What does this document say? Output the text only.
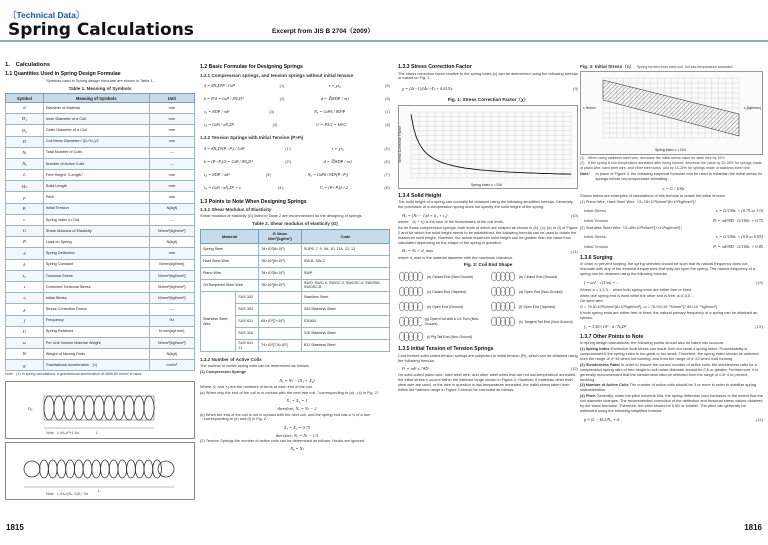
〔Technical Data〕
Spring Calculations	Excerpt from JIS B 2704（2009）
1.　Calculations
1.1 Quantities Used in Spring Design Formulae
Symbols used in Spring design formulae are shown in Table 1.
Table 1. Meaning of Symbols
Symbol	Meaning of Symbols	Unit
d	Diameter of Material	mm
D₁	Inner Diameter of a Coil	mm
D₂	Outer Diameter of a Coil	mm
D	Coil Mean Diameter= (D₁+D₂)/2	mm
Nₜ	Total Number of Coils	—
Nₐ	Number of Active Coils	—
L	Free Height（Length）	mm
Hₛ	Solid Length	mm
p	Pitch	mm
Pᵢ	Initial Tension	N{kgf}
c	Spring Index c= D/d	—
G	Shear Modulus of Elasticity	N/mm²{kgf/mm²}
P	Load on Spring	N{kgf}
δ	Spring Deflection	mm
k	Spring Constant	N/mm{kgf/mm}
τ₀	Torsional Stress	N/mm²{kgf/mm²}
τ	Corrected Torsional Stress	N/mm²{kgf/mm²}
τᵢ	Initial Stress	N/mm²{kgf/mm²}
χ	Stress Correction Factor	—
f	Frequency	Hz
U	Spring-Retained	N·mm{kgf·mm}
ω	Per Unit Volume Material Weight	N/mm³{kgf/mm³}
W	Weight of Moving Parts	N{kgf}
g	Gravitational Acceleration　(1)	mm/s²
Note：(1) In spring calculations, a gravitational acceleration of 9806.65 mm/s² is used.
L
D₂
Note：L=Nₐ×P+1.5d
L
Note：L=Nₐ×(Nₐ−2)D₂−2d
1.2 Basic Formulae for Designing Springs
1.2.1 Compression springs, and tension springs without initial tension
δ = 8NₐD³P / Gd⁴	(1)	τ = χτ₀	(5)
k = P/δ = Gd⁴ / 8NₐD³	(2)	d = ∛(8DP / πτ)	(6)
τ₀ = 8DP / πd³	(3)	Nₐ = Gd⁴δ / 8D³P	(7)
τ₀ = Gdδ / πNₐD²	(4)	U = Pδ/2 = kδ²/2	(8)
1.2.2 Tension Springs with Initial Tension (P>Pᵢ)
δ = 8NₐD³(P−Pᵢ) / Gd⁴	(1′)	τ = χτ₀	(5′)
k = (P−Pᵢ)/δ = Gd⁴ / 8NₐD³	(2′)	d = ∛(8DP / πτ)	(6′)
τ₀ = 8DP / πd³	(3′)	Nₐ = Gd⁴δ / 8D³(P−Pᵢ)	(7′)
τ₀ = Gdδ / πNₐD² + τᵢ	(4′)	U = (P+Pᵢ)δ / 2	(8′)
1.3 Points to Note When Designing Springs
1.3.1 Shear Modulus of Elasticity
Shear modulus of elasticity (G) listed in Table 2 are recommended for the designing of springs.
Table 2. Shear modulus of elasticity (G)
Material		G Value N/m²{kgf/m²}	Code
Spring Steel		78×10³{8×10³}	SUP6, 7, 9, 9A, 10, 11A, 12, 13
Hard Steel Wire		78×10³{8×10³}	SW-B, SW-C
Piano Wire		78×10³{8×10³}	SWP
Oil Tempered Steel Wire		78×10³{8×10³}	SWO, SWO-V, SWOC-V, SWOSC-V, SWOSM, SWOSC-B
Stainless Steel Wire	SUS 302		Stainless Steel
	SUS 304		304 Stainless Steel
	SUS 631	69×10³{7×10³}	S30451
	SUS 316		316 Stainless Steel
	SUS 631 J1	74×10³{7.5×10³}	631 Stainless Steel
1.3.2 Number of Active Coils
The number of active spring coils can be determined as follows.
(1) Compression Springe
Nₐ = Nₜ − (X₁ + X₂)
Where X₁ and X₂ are the numbers of turns at each end of the coil.
(a) When only the end of the coil is in contact with the next free coil（corresponding to (a) - (c) in Fig. 2）
X₁ = X₂ = 1
therefore, Nₐ = Nₜ − 2
(b) When the end of the coil is not in contact with the next coil, and the spring end has a ¾ of a turn（corresponding to (e) and (f) in Fig. 2）
X₁ = X₂ = 0.75
therefore, Nₐ = Nₜ − 1.5
(2) Tension Springs the number of active coils can be determined as follows. Hooks are ignored.
Nₐ = Nₜ
1.3.3 Stress Correction Factor
The stress correction factor relative to the spring index (c) can be determined using the following formula or based on Fig. 1.
χ = (4c−1)/(4c−4) + 0.615/c	(9)
Fig. 1: Stress Correction Factor（χ）
Stress Correction Factor
Spring Index c = D/d
1.3.4 Solid Height
The solid height of a spring can normally be obtained using the following simplified formula. Generally, the purchaser of a compression spring does not specify the solid height of the spring.
Hₛ = (Nₜ − 1)d + (t₁ + t₂)	(10)
where：(t₁ + t₂) is the sum of the thicknesses of the coil ends.
As for those compression springs, both ends of which are shaped as shown in (b), (c), (e) or (f) of Figure 2 and for which the solid height needs to be established, the following formula can be used to obtain the maximum solid height. However, the actual maximum solid height can be greater than the value thus calculated depending on the shape of the spring in question.
Hₛ = Nₜ × d_max	(11)
where d_max is the material diameter with the maximum tolerance.
Fig. 2: Coil End Shape
(a) Closed End (Non-Ground)	(b) Closed End (Ground)
(c) Closed End (Tapered)	(d) Open End (Non-Ground)
(e) Open End (Ground)	(f) Open End (Tapered)
(g) Open End with a 1/4 Turn (Non-Ground)
(h) Tangent Tail End (Non-Ground)
(i) Pig Tail End (Non-Ground)
1.3.5 Initial Tension of Tension Springs
Cold-formed solid-coiled tension springs are subjected to initial tension (Pᵢ), which can be obtained using the following formula.
Pᵢ = πd³ τᵢ / 8D	(12)
On solid-coiled piano wire, hard steel wire, and other steel wires that are not low-temperature annealed, the initial stress τᵢ occurs within the hatched range shown in Figure 3. However, if materials other than steel wire are used, or the wire in question is low-temperature annealed, the initial stress taken from within the hatched range in Figure 3 should be corrected as follows.
Fig. 3: Initial Stress（τᵢ） Spring formed from steel coil, not low-temperature annealed
τᵢ N/mm²	τᵢ {kgf/mm²}
Spring index c = D/d
(1)　When using stainless steel wire, decrease the initial stress value for steel wire by 15%.
(2)　If the spring is low-temperature annealed after being formed, decrease the value by 20-35% for springs made of piano wire, hard steel wire, and other steel wires, and by 15-20% for springs made of stainless steel wire.
Note： In place of Figure 3, the following empirical formulae can be used to establish the initial stress for springs before low-temperature annealing.
τᵢ = G / 100c
Shown below are examples of calculations of this formula to obtain the initial tension.
(1) Piano Wire, Hard Steel Wire（G=78×10³N/mm²{8×10³kgf/mm²}）
Initial Stress	τᵢ = G/100c × (0.75 to 1.0)
Initial Tension	Pᵢ = πd³/8D · G/100c × 0.75
(2) Stainless Steel Wire（G=69×10³N/mm²{7×10³kgf/mm²}）
Initial Stress	τᵢ = G/100c × (0.8 to 0.85)
Initial Tension	Pᵢ = πd³/8D · G/100c × 0.85
1.3.6 Surging
In order to prevent surging, the spring selected should be such that its natural frequency does not resonate with any of the external frequencies that may act upon the spring. The natural frequency of a spring can be obtained using the following formula.
f = a/2 · √(1/m) = ...	(13)
Where a = 1,2,3… when both spring ends are either free or fixed
when one spring end is fixed while the other end is free: a=1,3,5…
On steel wire:
G = 78.5×10³N/mm²{8×10³kgf/mm²}, ω = 76.93×10⁻⁶N/mm³{7.85×10⁻⁶kgf/mm³}
If both spring ends are either free or fixed, the natural primary frequency of a spring can be obtained as follows.
f₁ = 3.56×10⁵ · d / NₐD²	(13′)
1.3.7 Other Points to Note
In spring design calculations, the following points should also be taken into account.
(1) Spring Index Excessive local stress can result from too small a spring index. Processability is compromised if the spring index is too great or too small. Therefore, the spring index should be selected from the range of 4~15 when hot forming, and from the range of 4~22 when cold forming.
(2) Slenderness Ratio In order to ensure the correct number of active coils, the slenderness ratio for a compression spring ratio of free height to coil mean diameter should be 0.8 or greater. Furthermore, it is generally recommended that the slenderness ratio be selected from the range of 0.8~4 to prevent buckling.
(3) Number of Active Coils The number of active coils should be 3 or more in order to stabilize spring characteristics.
(4) Pitch Generally, when the pitch exceeds 50d, the spring deflection load increases to the extent that the coil diameter changes. The recommended correction of the deflection and torsional stress values obtained by the basic formulae. Therefore, the pitch should be 0.5D or smaller. The pitch can generally be estimated using the following simplified formula.
p ≈ (L − Hₛ)/Nₐ + d	(14)
1815	1816
